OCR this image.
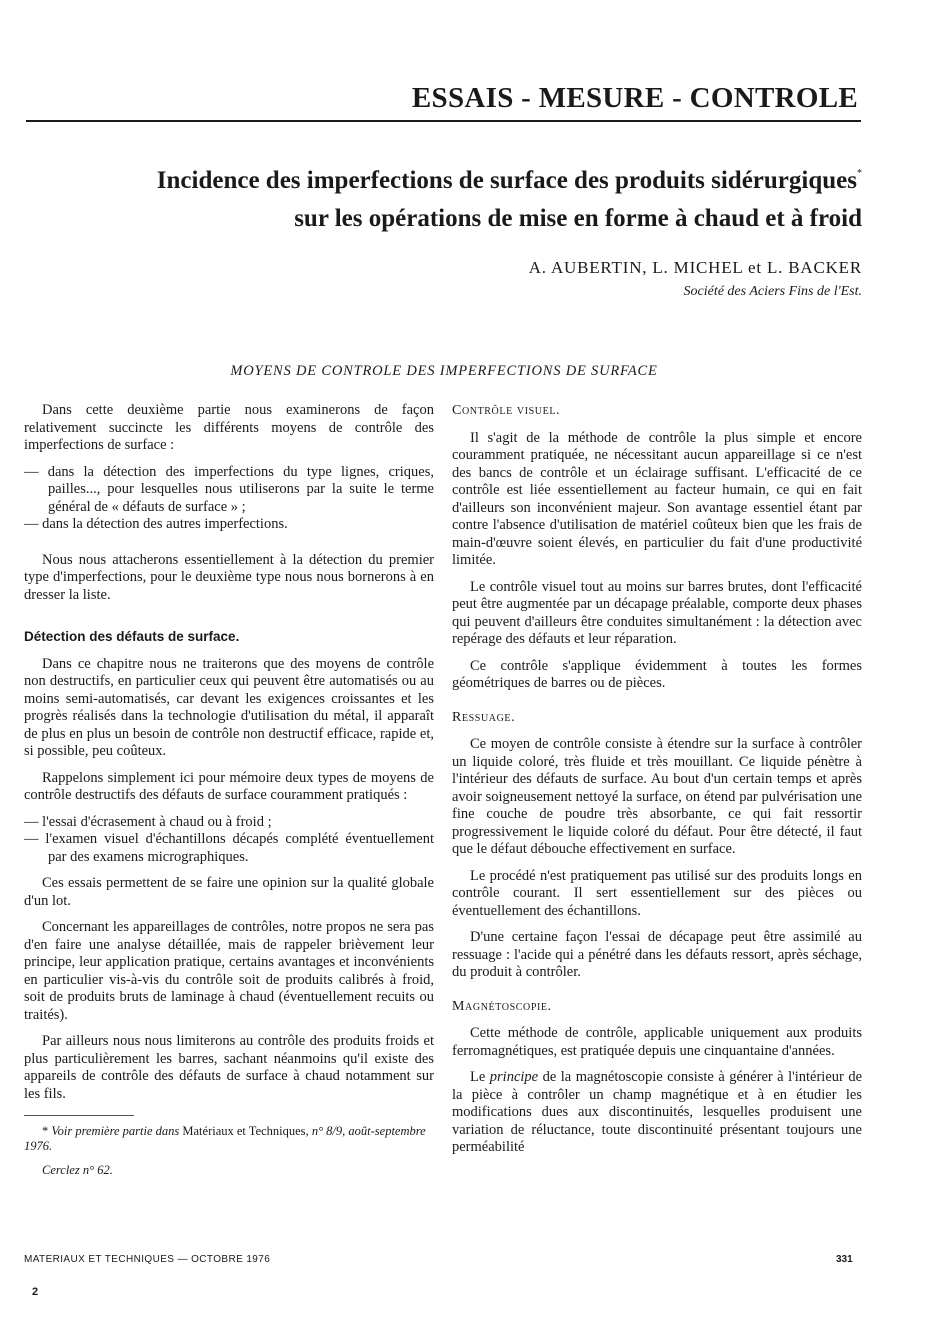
ESSAIS - MESURE - CONTROLE
Incidence des imperfections de surface des produits sidérurgiques*
sur les opérations de mise en forme à chaud et à froid
A. AUBERTIN, L. MICHEL et L. BACKER
Société des Aciers Fins de l'Est.
MOYENS DE CONTROLE DES IMPERFECTIONS DE SURFACE

Dans cette deuxième partie nous examinerons de façon relativement succincte les différents moyens de contrôle des imperfections de surface :

— dans la détection des imperfections du type lignes, criques, pailles..., pour lesquelles nous utiliserons par la suite le terme général de « défauts de surface » ;
— dans la détection des autres imperfections.

Nous nous attacherons essentiellement à la détection du premier type d'imperfections, pour le deuxième type nous nous bornerons à en dresser la liste.

Détection des défauts de surface.

Dans ce chapitre nous ne traiterons que des moyens de contrôle non destructifs, en particulier ceux qui peuvent être automatisés ou au moins semi-automatisés, car devant les exigences croissantes et les progrès réalisés dans la technologie d'utilisation du métal, il apparaît de plus en plus un besoin de contrôle non destructif efficace, rapide et, si possible, peu coûteux.

Rappelons simplement ici pour mémoire deux types de moyens de contrôle destructifs des défauts de surface couramment pratiqués :

— l'essai d'écrasement à chaud ou à froid ;
— l'examen visuel d'échantillons décapés complété éventuellement par des examens micrographiques.

Ces essais permettent de se faire une opinion sur la qualité globale d'un lot.

Concernant les appareillages de contrôles, notre propos ne sera pas d'en faire une analyse détaillée, mais de rappeler brièvement leur principe, leur application pratique, certains avantages et inconvénients en particulier vis-à-vis du contrôle soit de produits calibrés à froid, soit de produits bruts de laminage à chaud (éventuellement recuits ou traités).

Par ailleurs nous nous limiterons au contrôle des produits froids et plus particulièrement les barres, sachant néanmoins qu'il existe des appareils de contrôle des défauts de surface à chaud notamment sur les fils.

* Voir première partie dans Matériaux et Techniques, n° 8/9, août-septembre 1976.

Cerclez n° 62.

Contrôle visuel.

Il s'agit de la méthode de contrôle la plus simple et encore couramment pratiquée, ne nécessitant aucun appareillage si ce n'est des bancs de contrôle et un éclairage suffisant. L'efficacité de ce contrôle est liée essentiellement au facteur humain, ce qui en fait d'ailleurs son inconvénient majeur. Son avantage essentiel étant par contre l'absence d'utilisation de matériel coûteux bien que les frais de main-d'œuvre soient élevés, en particulier du fait d'une productivité limitée.

Le contrôle visuel tout au moins sur barres brutes, dont l'efficacité peut être augmentée par un décapage préalable, comporte deux phases qui peuvent d'ailleurs être conduites simultanément : la détection avec repérage des défauts et leur réparation.

Ce contrôle s'applique évidemment à toutes les formes géométriques de barres ou de pièces.

Ressuage.

Ce moyen de contrôle consiste à étendre sur la surface à contrôler un liquide coloré, très fluide et très mouillant. Ce liquide pénètre à l'intérieur des défauts de surface. Au bout d'un certain temps et après avoir soigneusement nettoyé la surface, on étend par pulvérisation une fine couche de poudre très absorbante, ce qui fait ressortir progressivement le liquide coloré du défaut. Pour être détecté, il faut que le défaut débouche effectivement en surface.

Le procédé n'est pratiquement pas utilisé sur des produits longs en contrôle courant. Il sert essentiellement sur des pièces ou éventuellement des échantillons.

D'une certaine façon l'essai de décapage peut être assimilé au ressuage : l'acide qui a pénétré dans les défauts ressort, après séchage, du produit à contrôler.

Magnétoscopie.

Cette méthode de contrôle, applicable uniquement aux produits ferromagnétiques, est pratiquée depuis une cinquantaine d'années.

Le principe de la magnétoscopie consiste à générer à l'intérieur de la pièce à contrôler un champ magnétique et à en étudier les modifications dues aux discontinuités, lesquelles produisent une variation de réluctance, toute discontinuité présentant toujours une perméabilité

MATERIAUX ET TECHNIQUES — OCTOBRE 1976	331
2
